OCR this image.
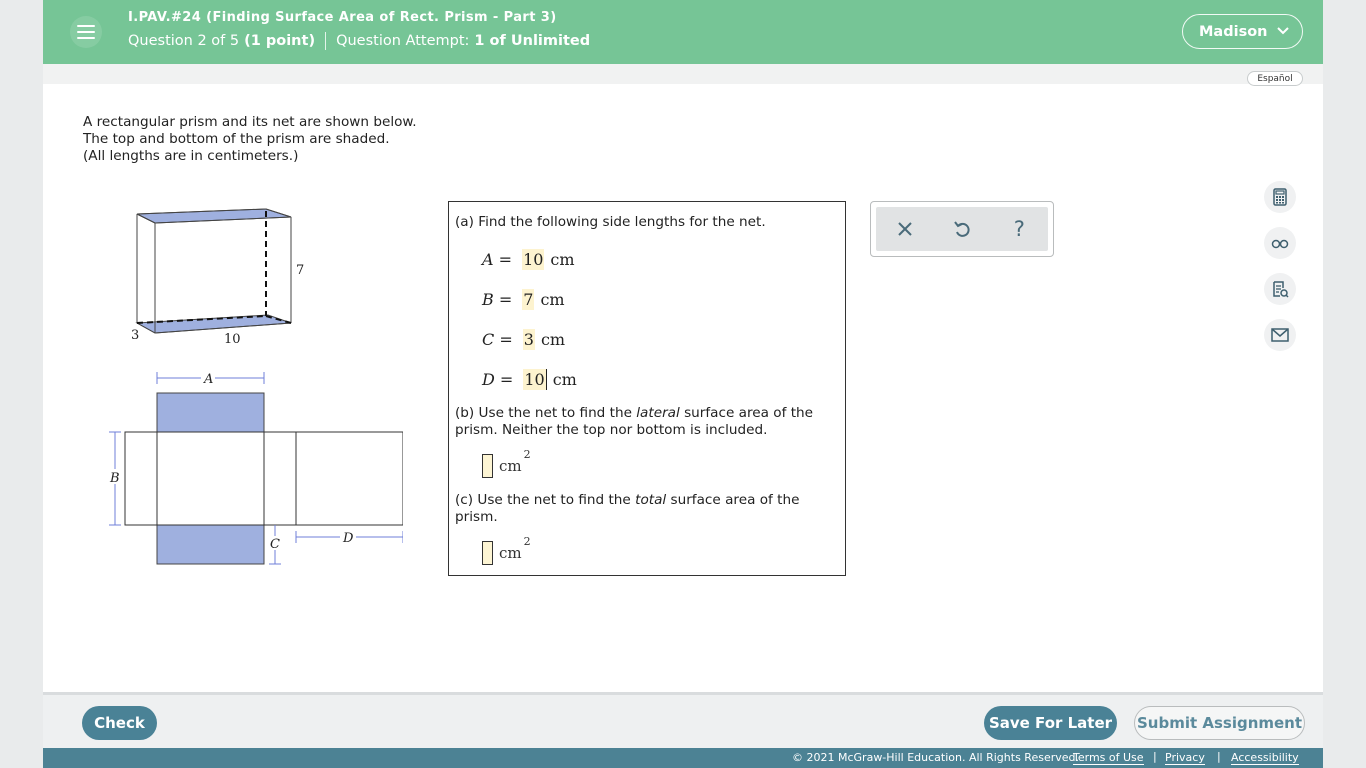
I.PAV.#24 (Finding Surface Area of Rect. Prism - Part 3)
Question 2 of 5 (1 point) Question Attempt: 1 of Unlimited
Madison
Español
A rectangular prism and its net are shown below.
The top and bottom of the prism are shaded.
(All lengths are in centimeters.)
7
3	10
A
B
C	D
(a) Find the following side lengths for the net.
A = 10 cm
B = 7 cm
C = 3 cm
D = 10 cm
(b) Use the net to find the lateral surface area of the prism. Neither the top nor bottom is included.
cm
$^2$
(c) Use the net to find the total surface area of the prism.
cm
$^2$
?
Check	Save For Later	Submit Assignment
© 2021 McGraw-Hill Education. All Rights Reserved.
Terms of Use | Privacy | Accessibility
